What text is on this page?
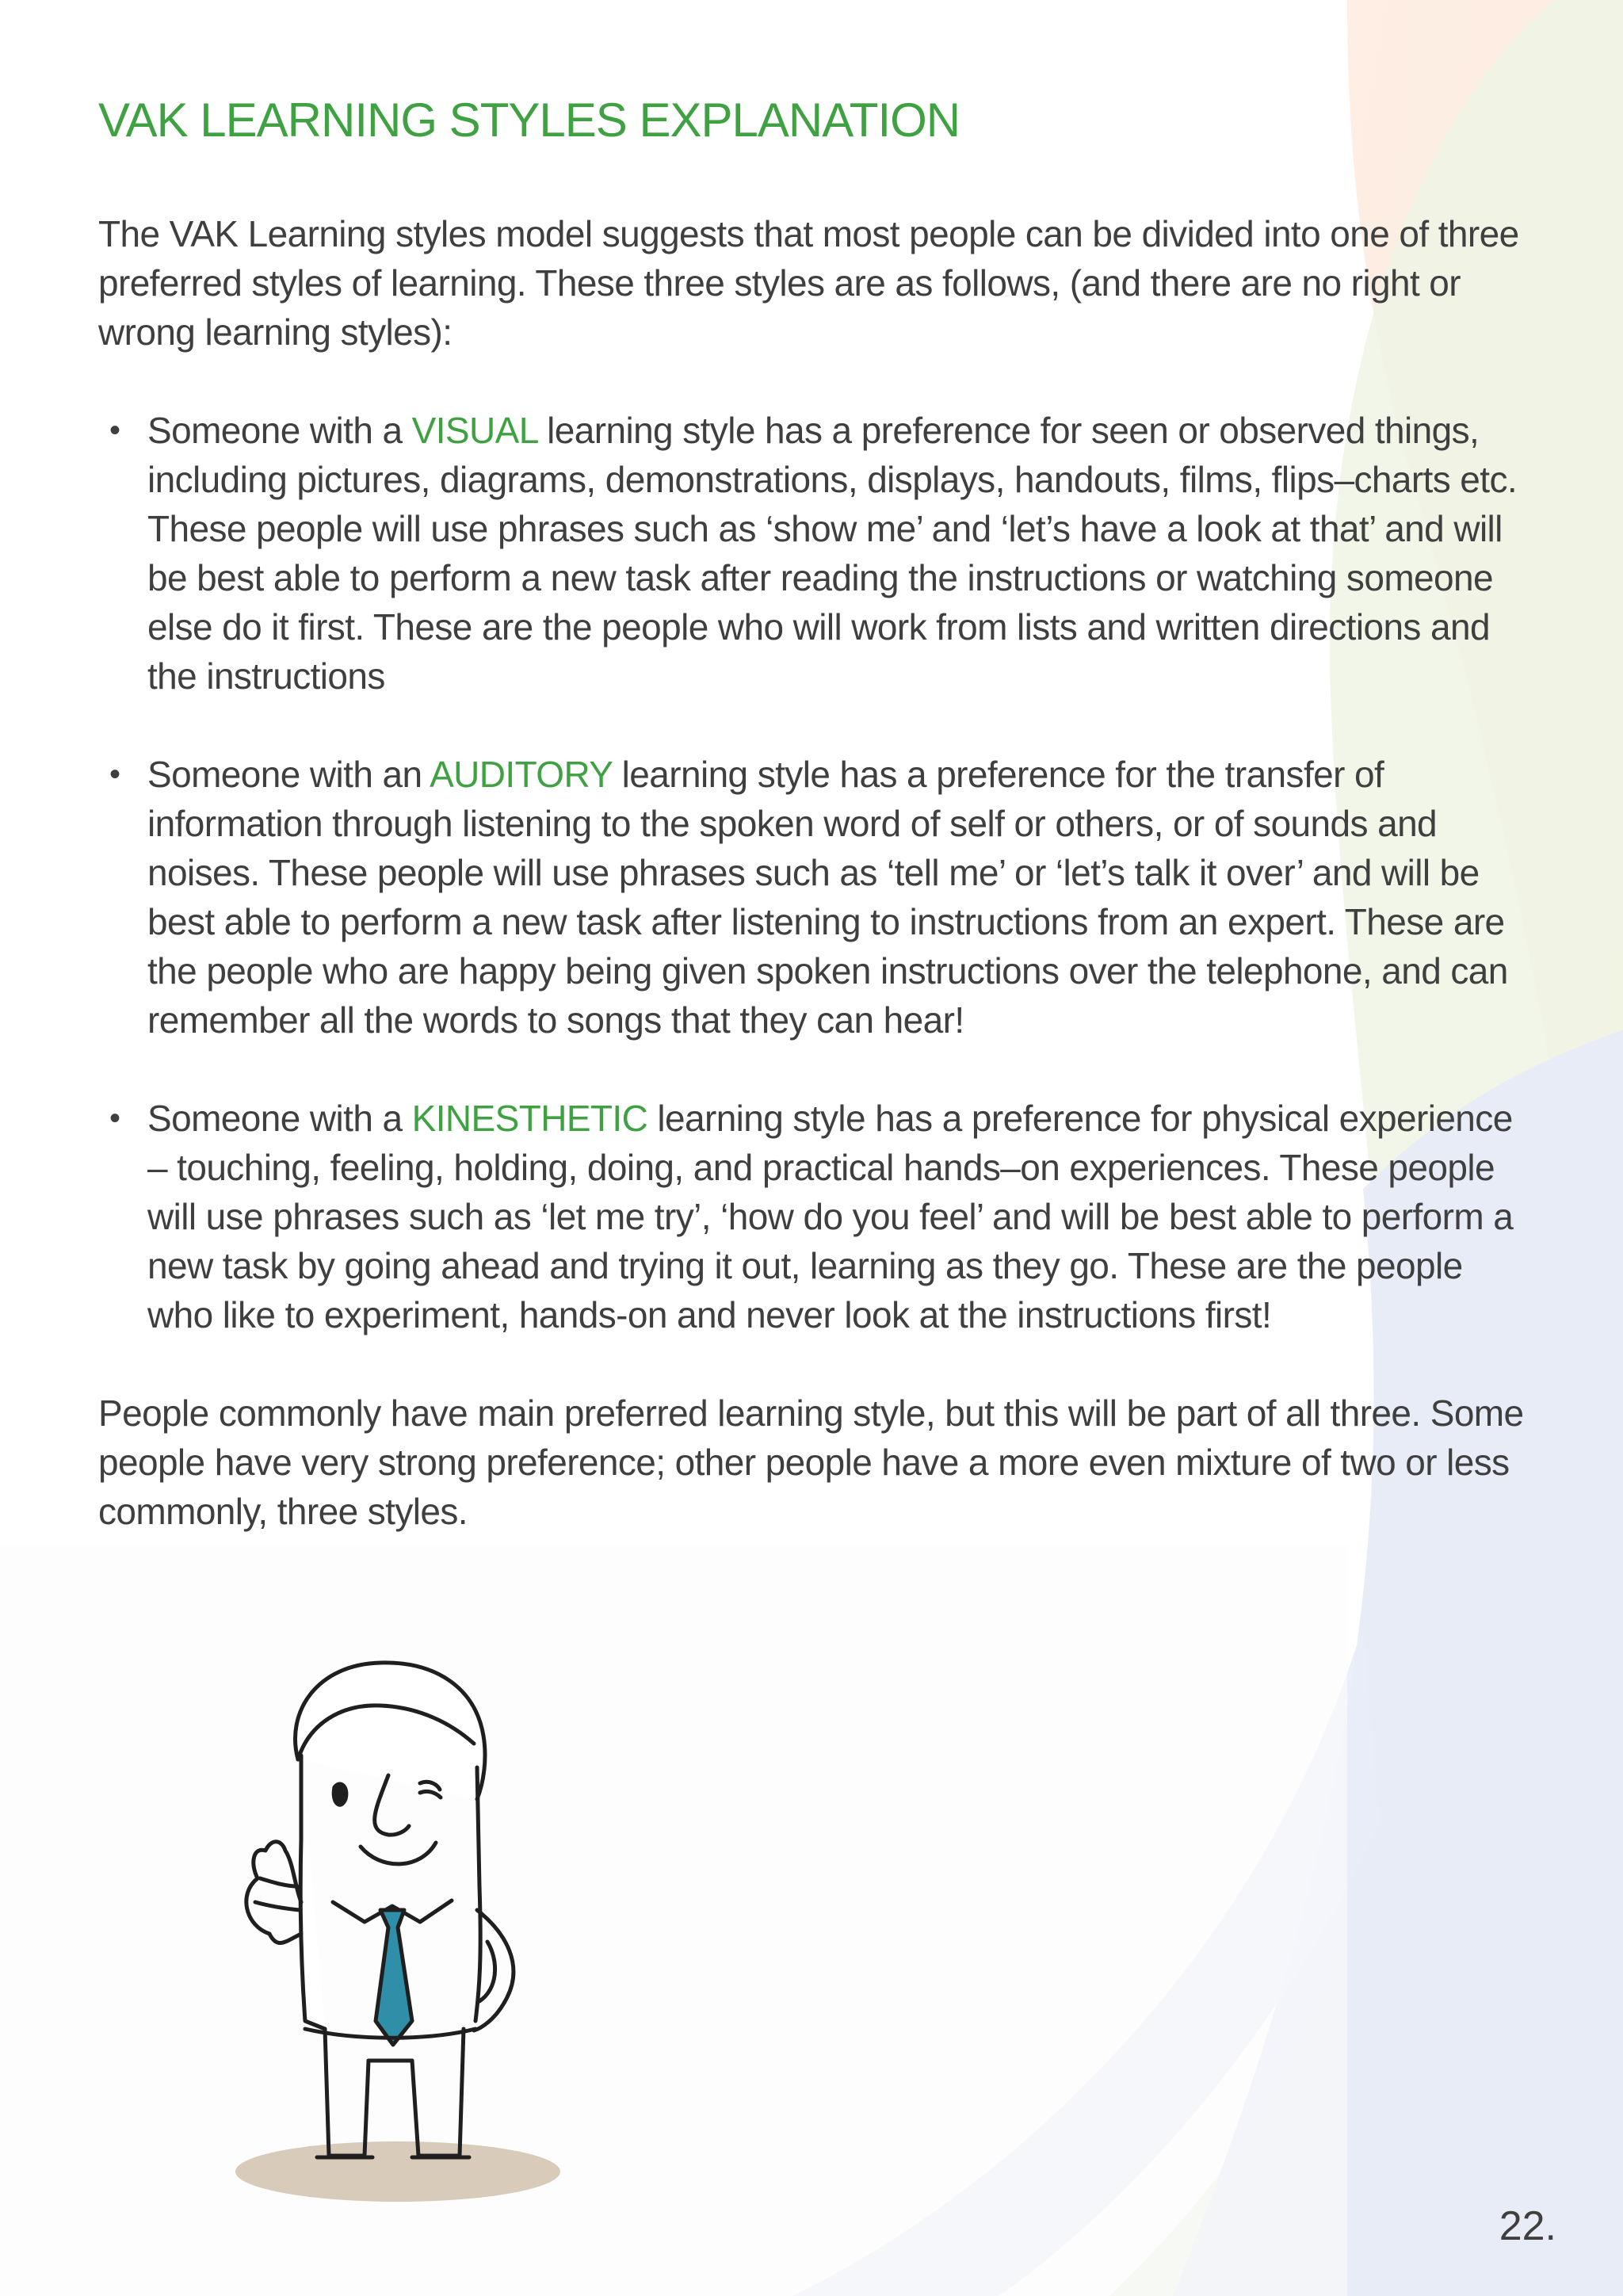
VAK LEARNING STYLES EXPLANATION

The VAK Learning styles model suggests that most people can be divided into one of three preferred styles of learning. These three styles are as follows, (and there are no right or wrong learning styles):

• Someone with a VISUAL learning style has a preference for seen or observed things, including pictures, diagrams, demonstrations, displays, handouts, films, flips–charts etc. These people will use phrases such as ‘show me’ and ‘let’s have a look at that’ and will be best able to perform a new task after reading the instructions or watching someone else do it first. These are the people who will work from lists and written directions and the instructions
• Someone with an AUDITORY learning style has a preference for the transfer of information through listening to the spoken word of self or others, or of sounds and noises. These people will use phrases such as ‘tell me’ or ‘let’s talk it over’ and will be best able to perform a new task after listening to instructions from an expert. These are the people who are happy being given spoken instructions over the telephone, and can remember all the words to songs that they can hear!
• Someone with a KINESTHETIC learning style has a preference for physical experience – touching, feeling, holding, doing, and practical hands–on experiences. These people will use phrases such as ‘let me try’, ‘how do you feel’ and will be best able to perform a new task by going ahead and trying it out, learning as they go. These are the people who like to experiment, hands-on and never look at the instructions first!

People commonly have main preferred learning style, but this will be part of all three. Some people have very strong preference; other people have a more even mixture of two or less commonly, three styles.

22.
